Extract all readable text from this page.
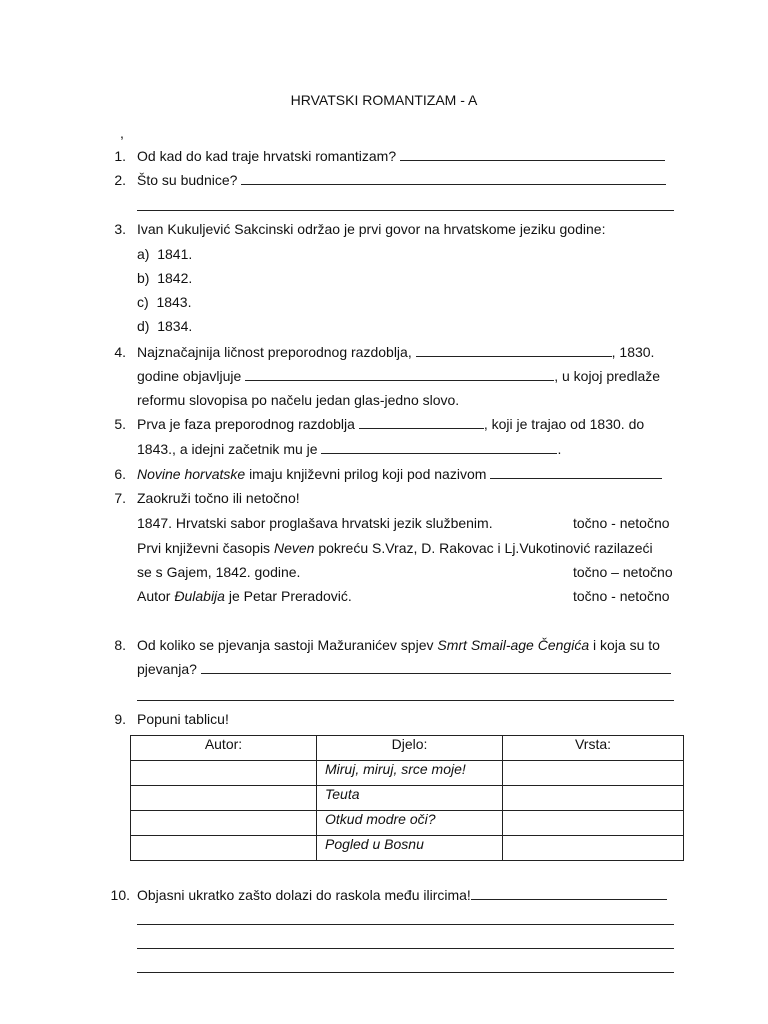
HRVATSKI ROMANTIZAM - A
,
1. Od kad do kad traje hrvatski romantizam?
2. Što su budnice?
3. Ivan Kukuljević Sakcinski održao je prvi govor na hrvatskome jeziku godine:
a) 1841.
b) 1842.
c) 1843.
d) 1834.
4. Najznačajnija ličnost preporodnog razdoblja,	, 1830.
godine objavljuje	, u kojoj predlaže
reformu slovopisa po načelu jedan glas-jedno slovo.
5. Prva je faza preporodnog razdoblja	, koji je trajao od 1830. do
1843., a idejni začetnik mu je	.
6. Novine horvatske imaju književni prilog koji pod nazivom
7. Zaokruži točno ili netočno!
1847. Hrvatski sabor proglašava hrvatski jezik službenim.	točno - netočno
Prvi književni časopis Neven pokreću S.Vraz, D. Rakovac i Lj.Vukotinović razilazeći
se s Gajem, 1842. godine.	točno – netočno
Autor Đulabija je Petar Preradović.	točno - netočno
8. Od koliko se pjevanja sastoji Mažuranićev spjev Smrt Smail-age Čengića i koja su to
pjevanja?
9. Popuni tablicu!
Autor:	Djelo:	Vrsta:
	Miruj, miruj, srce moje!	
	Teuta	
	Otkud modre oči?	
	Pogled u Bosnu	
10. Objasni ukratko zašto dolazi do raskola među ilircima!
